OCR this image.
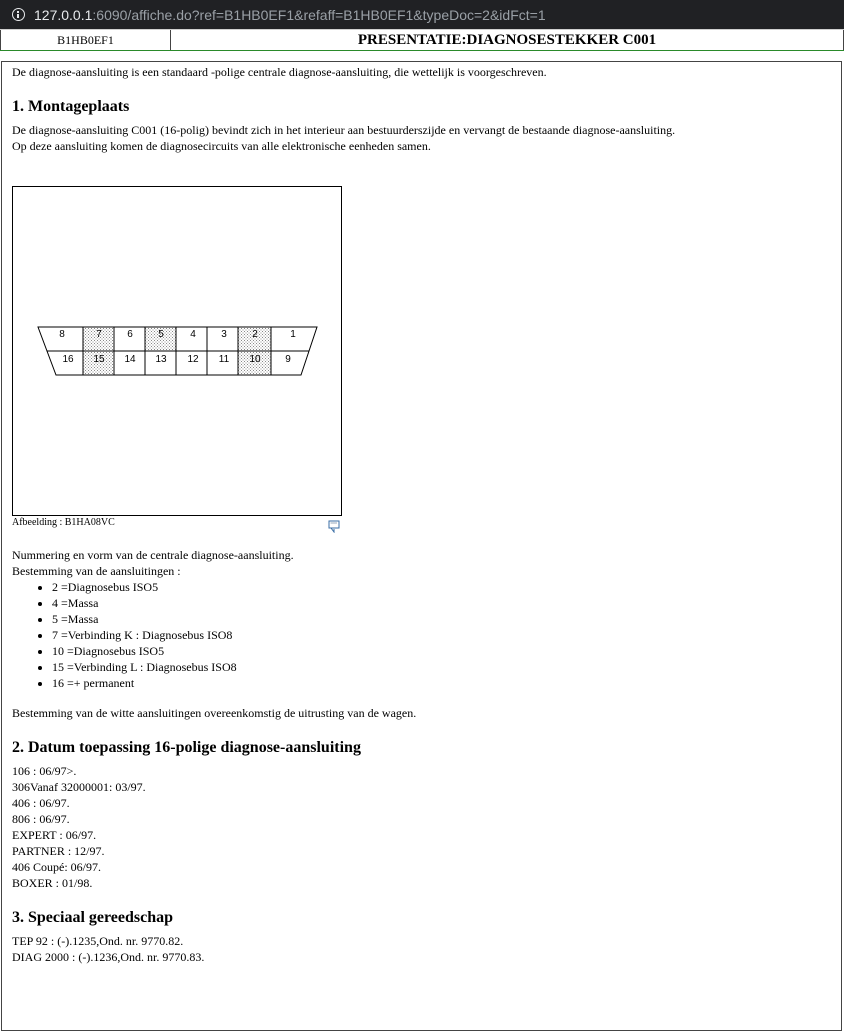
127.0.0.1 :6090/affiche.do?ref=B1HB0EF1&refaff=B1HB0EF1&typeDoc=2&idFct=1
B1HB0EF1	PRESENTATIE:DIAGNOSESTEKKER C001

De diagnose-aansluiting is een standaard -polige centrale diagnose-aansluiting, die wettelijk is voorgeschreven.

1. Montageplaats

De diagnose-aansluiting C001 (16-polig) bevindt zich in het interieur aan bestuurderszijde en vervangt de bestaande diagnose-aansluiting.

Op deze aansluiting komen de diagnosecircuits van alle elektronische eenheden samen.

8	7	6	5	4	3	2	1
16 15 14 13 12 11 10 9
Afbeelding : B1HA08VC

Nummering en vorm van de centrale diagnose-aansluiting.

Bestemming van de aansluitingen :

• 2 =Diagnosebus ISO5
• 4 =Massa
• 5 =Massa
• 7 =Verbinding K : Diagnosebus ISO8
• 10 =Diagnosebus ISO5
• 15 =Verbinding L : Diagnosebus ISO8
• 16 =+ permanent

Bestemming van de witte aansluitingen overeenkomstig de uitrusting van de wagen.

2. Datum toepassing 16-polige diagnose-aansluiting

106 : 06/97>.

306Vanaf 32000001: 03/97.

406 : 06/97.

806 : 06/97.

EXPERT : 06/97.

PARTNER : 12/97.

406 Coupé: 06/97.

BOXER : 01/98.

3. Speciaal gereedschap

TEP 92 : (-).1235,Ond. nr. 9770.82.

DIAG 2000 : (-).1236,Ond. nr. 9770.83.
